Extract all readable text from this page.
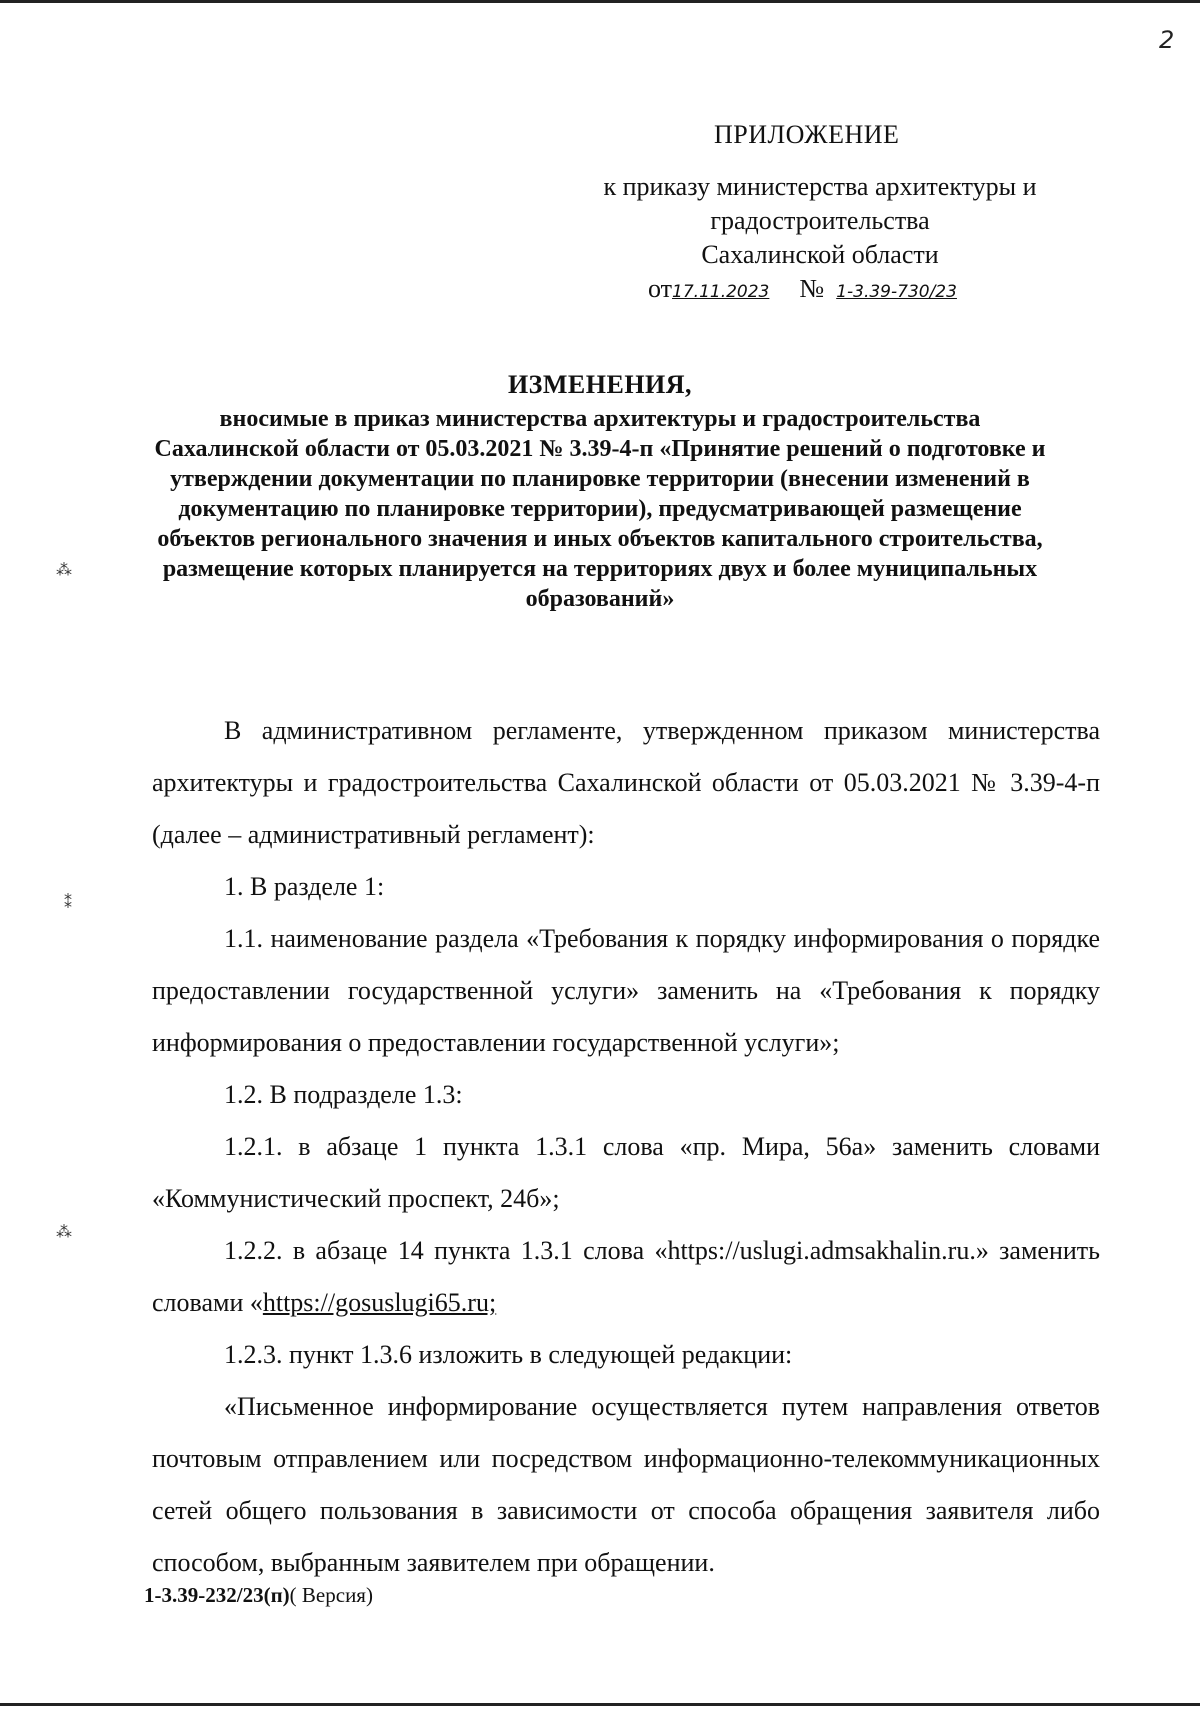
2
ПРИЛОЖЕНИЕ
к приказу министерства архитектуры и
градостроительства
Сахалинской области
от17.11.2023 № 1-3.39-730/23
ИЗМЕНЕНИЯ,
вносимые в приказ министерства архитектуры и градостроительства Сахалинской области от 05.03.2021 № 3.39-4-п «Принятие решений о подготовке и утверждении документации по планировке территории (внесении изменений в документацию по планировке территории), предусматривающей размещение объектов регионального значения и иных объектов капитального строительства, размещение которых планируется на территориях двух и более муниципальных образований»

В административном регламенте, утвержденном приказом министерства архитектуры и градостроительства Сахалинской области от 05.03.2021 № 3.39-4-п (далее – административный регламент):

1. В разделе 1:

1.1. наименование раздела «Требования к порядку информирования о порядке предоставлении государственной услуги» заменить на «Требования к порядку информирования о предоставлении государственной услуги»;

1.2. В подразделе 1.3:

1.2.1. в абзаце 1 пункта 1.3.1 слова «пр. Мира, 56а» заменить словами «Коммунистический проспект, 24б»;

1.2.2. в абзаце 14 пункта 1.3.1 слова «https://uslugi.admsakhalin.ru.» заменить словами «https://gosuslugi65.ru;

1.2.3. пункт 1.3.6 изложить в следующей редакции:

«Письменное информирование осуществляется путем направления ответов почтовым отправлением или посредством информационно-телекоммуникационных сетей общего пользования в зависимости от способа обращения заявителя либо способом, выбранным заявителем при обращении.

1-3.39-232/23(п)( Версия)
⁂
⁑
⁂
